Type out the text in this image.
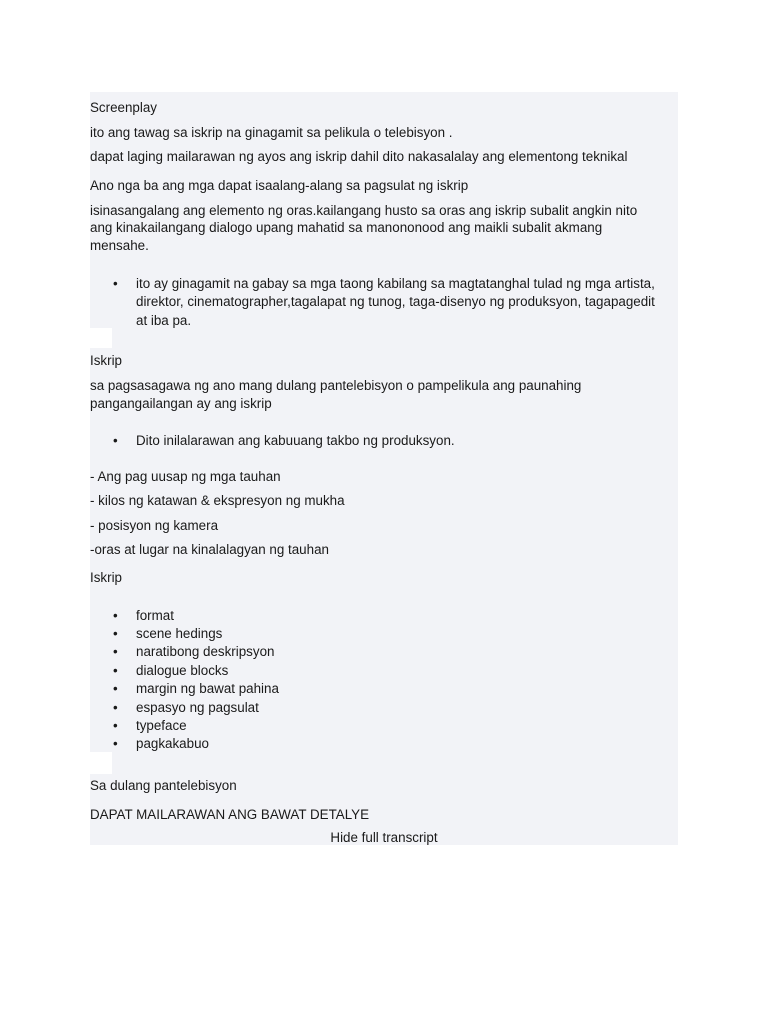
Screenplay
ito ang tawag sa iskrip na ginagamit sa pelikula o telebisyon .
dapat laging mailarawan ng ayos ang iskrip dahil dito nakasalalay ang elementong teknikal
Ano nga ba ang mga dapat isaalang-alang sa pagsulat ng iskrip
isinasangalang ang elemento ng oras.kailangang husto sa oras ang iskrip subalit angkin nito
ang kinakailangang dialogo upang mahatid sa manononood ang maikli subalit akmang
mensahe.
• ito ay ginagamit na gabay sa mga taong kabilang sa magtatanghal tulad ng mga artista,
direktor, cinematographer,tagalapat ng tunog, taga-disenyo ng produksyon, tagapagedit
at iba pa.
Iskrip
sa pagsasagawa ng ano mang dulang pantelebisyon o pampelikula ang paunahing
pangangailangan ay ang iskrip
• Dito inilalarawan ang kabuuang takbo ng produksyon.
- Ang pag uusap ng mga tauhan
- kilos ng katawan & ekspresyon ng mukha
- posisyon ng kamera
-oras at lugar na kinalalagyan ng tauhan
Iskrip
• format
• scene hedings
• naratibong deskripsyon
• dialogue blocks
• margin ng bawat pahina
• espasyo ng pagsulat
• typeface
• pagkakabuo
Sa dulang pantelebisyon
DAPAT MAILARAWAN ANG BAWAT DETALYE
Hide full transcript
